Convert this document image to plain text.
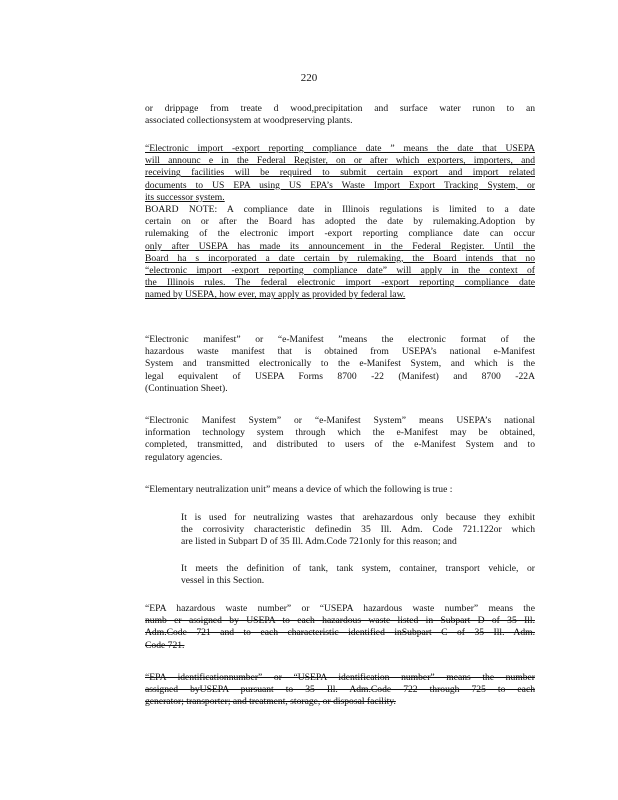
220
or drippage from treate d wood,precipitation and surface water runon to an
associated collectionsystem at woodpreserving plants.
“Electronic import -export reporting compliance date ” means the date that USEPA
will announc e in the Federal Register, on or after which exporters, importers, and
receiving facilities will be required to submit certain export and import related
documents to US EPA using US EPA’s Waste Import Export Tracking System, or
its successor system.
BOARD NOTE: A compliance date in Illinois regulations is limited to a date
certain on or after the Board has adopted the date by rulemaking.Adoption by
rulemaking of the electronic import -export reporting compliance date can occur
only after USEPA has made its announcement in the Federal Register. Until the
Board ha s incorporated a date certain by rulemaking, the Board intends that no
“electronic import -export reporting compliance date” will apply in the context of
the Illinois rules. The federal electronic import -export reporting compliance date
named by USEPA, how ever, may apply as provided by federal law.
“Electronic manifest” or “e-Manifest ”means the electronic format of the
hazardous waste manifest that is obtained from USEPA’s national e-Manifest
System and transmitted electronically to the e-Manifest System, and which is the
legal equivalent of USEPA Forms 8700 -22 (Manifest) and 8700 -22A
(Continuation Sheet).
“Electronic Manifest System” or “e-Manifest System” means USEPA’s national
information technology system through which the e-Manifest may be obtained,
completed, transmitted, and distributed to users of the e-Manifest System and to
regulatory agencies.
“Elementary neutralization unit” means a device of which the following is true :
It is used for neutralizing wastes that arehazardous only because they exhibit
the corrosivity characteristic definedin 35 Ill. Adm. Code 721.122or which
are listed in Subpart D of 35 Ill. Adm.Code 721only for this reason; and
It meets the definition of tank, tank system, container, transport vehicle, or
vessel in this Section.
“EPA hazardous waste number” or “USEPA hazardous waste number” means the
numb er assigned by USEPA to each hazardous waste listed in Subpart D of 35 Ill.
Adm.Code 721 and to each characteristic identified inSubpart C of 35 Ill. Adm.
Code 721.
“EPA identificationnumber” or “USEPA identification number” means the number
assigned byUSEPA pursuant to 35 Ill. Adm.Code 722 through 725 to each
generator; transporter; and treatment, storage, or disposal facility.
